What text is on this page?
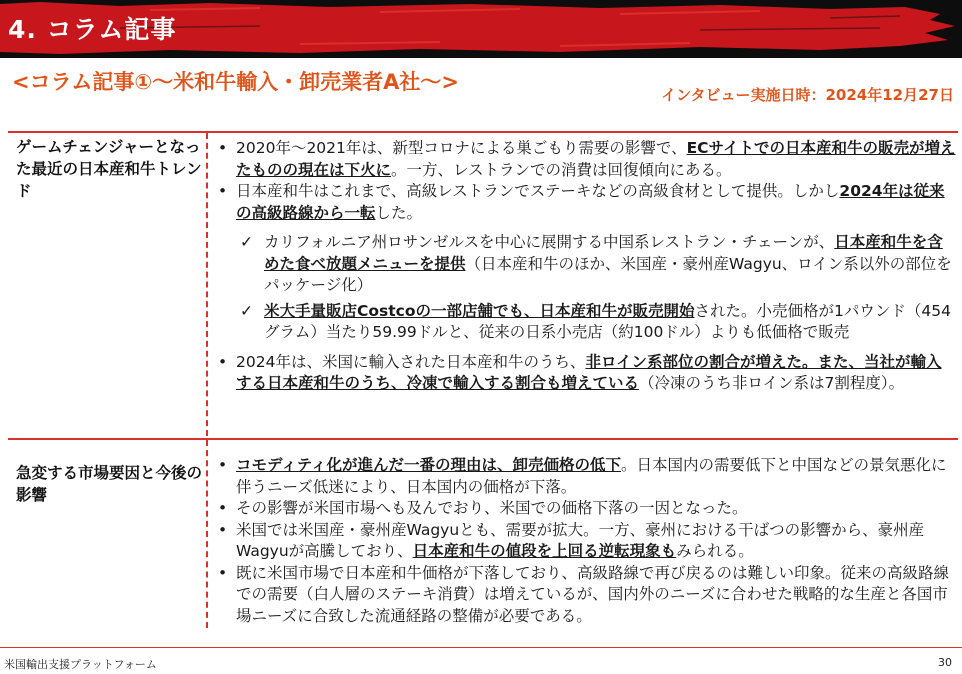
4. コラム記事
<コラム記事①～米和牛輸入・卸売業者A社～>
インタビュー実施日時：2024年12月27日
ゲームチェンジャーとなった最近の日本産和牛トレンド
• 2020年～2021年は、新型コロナによる巣ごもり需要の影響で、ECサイトでの日本産和牛の販売が増えたものの現在は下火に。一方、レストランでの消費は回復傾向にある。
• 日本産和牛はこれまで、高級レストランでステーキなどの高級食材として提供。しかし2024年は従来の高級路線から一転した。
✓ カリフォルニア州ロサンゼルスを中心に展開する中国系レストラン・チェーンが、日本産和牛を含めた食べ放題メニューを提供（日本産和牛のほか、米国産・豪州産Wagyu、ロイン系以外の部位をパッケージ化）
✓ 米大手量販店Costcoの一部店舗でも、日本産和牛が販売開始された。小売価格が1パウンド（454グラム）当たり59.99ドルと、従来の日系小売店（約100ドル）よりも低価格で販売
• 2024年は、米国に輸入された日本産和牛のうち、非ロイン系部位の割合が増えた。また、当社が輸入する日本産和牛のうち、冷凍で輸入する割合も増えている（冷凍のうち非ロイン系は7割程度）。
急変する市場要因と今後の影響
• コモディティ化が進んだ一番の理由は、卸売価格の低下。日本国内の需要低下と中国などの景気悪化に伴うニーズ低迷により、日本国内の価格が下落。
• その影響が米国市場へも及んでおり、米国での価格下落の一因となった。
• 米国では米国産・豪州産Wagyuとも、需要が拡大。一方、豪州における干ばつの影響から、豪州産Wagyuが高騰しており、日本産和牛の値段を上回る逆転現象もみられる。
• 既に米国市場で日本産和牛価格が下落しており、高級路線で再び戻るのは難しい印象。従来の高級路線での需要（白人層のステーキ消費）は増えているが、国内外のニーズに合わせた戦略的な生産と各国市場ニーズに合致した流通経路の整備が必要である。
米国輸出支援プラットフォーム	30
